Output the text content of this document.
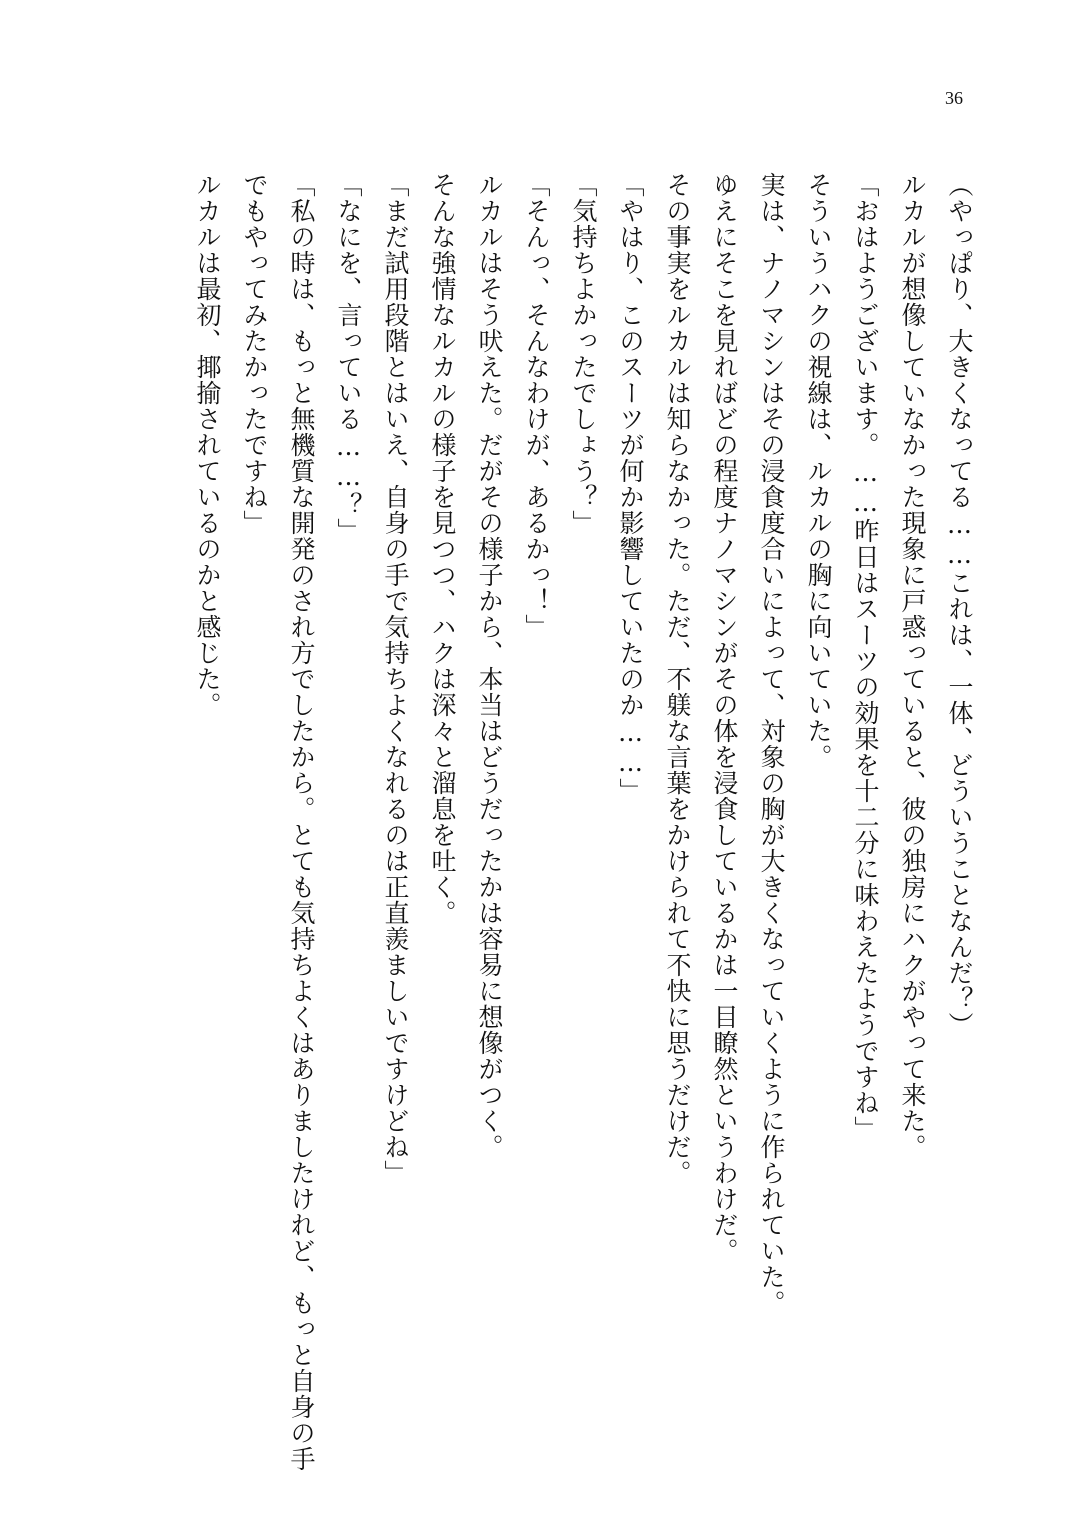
36
（やっぱり、大きくなってる……これは、一体、どういうことなんだ？）
ルカルが想像していなかった現象に戸惑っていると、彼の独房にハクがやって来た。
「おはようございます。……昨日はスーツの効果を十二分に味わえたようですね」
そういうハクの視線は、ルカルの胸に向いていた。
実は、ナノマシンはその浸食度合いによって、対象の胸が大きくなっていくように作られていた。
ゆえにそこを見ればどの程度ナノマシンがその体を浸食しているかは一目瞭然というわけだ。
その事実をルカルは知らなかった。ただ、不躾な言葉をかけられて不快に思うだけだ。
「やはり、このスーツが何か影響していたのか……」
「気持ちよかったでしょう？」
「そんっ、そんなわけが、あるかっ！」
ルカルはそう吠えた。だがその様子から、本当はどうだったかは容易に想像がつく。
そんな強情なルカルの様子を見つつ、ハクは深々と溜息を吐く。
「まだ試用段階とはいえ、自身の手で気持ちよくなれるのは正直羨ましいですけどね」
「なにを、言っている……？」
「私の時は、もっと無機質な開発のされ方でしたから。とても気持ちよくはありましたけれど、もっと自身の手
でもやってみたかったですね」
ルカルは最初、揶揄されているのかと感じた。
